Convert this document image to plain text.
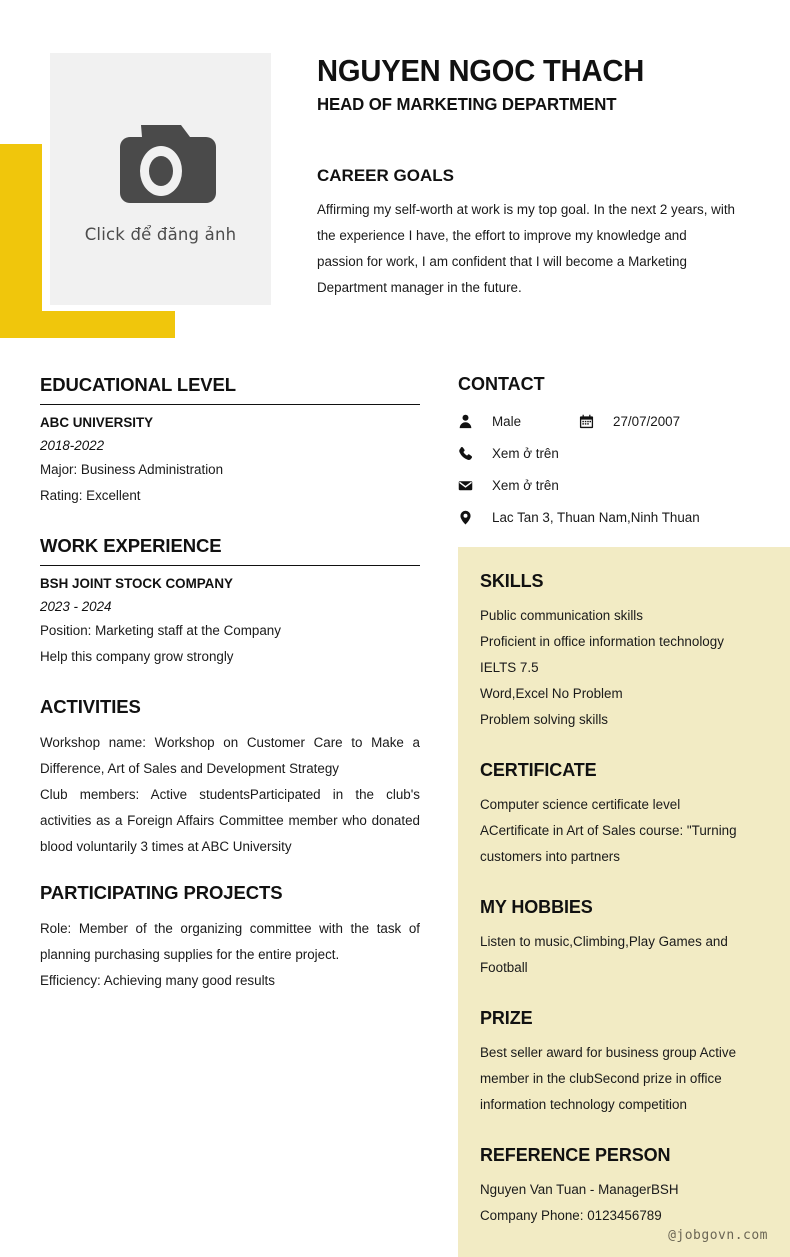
Click để đăng ảnh
NGUYEN NGOC THACH
HEAD OF MARKETING DEPARTMENT
CAREER GOALS

Affirming my self-worth at work is my top goal. In the next 2 years, with the experience I have, the effort to improve my knowledge and passion for work, I am confident that I will become a Marketing Department manager in the future.

EDUCATIONAL LEVEL

ABC UNIVERSITY

2018-2022

Major: Business Administration

Rating: Excellent

WORK EXPERIENCE

BSH JOINT STOCK COMPANY

2023 - 2024

Position: Marketing staff at the Company

Help this company grow strongly

ACTIVITIES

Workshop name: Workshop on Customer Care to Make a Difference, Art of Sales and Development Strategy

Club members: Active studentsParticipated in the club's activities as a Foreign Affairs Committee member who donated blood voluntarily 3 times at ABC University

PARTICIPATING PROJECTS

Role: Member of the organizing committee with the task of planning purchasing supplies for the entire project.

Efficiency: Achieving many good results

CONTACT
Male	27/07/2007
Xem ở trên
Xem ở trên
Lac Tan 3, Thuan Nam,Ninh Thuan
SKILLS

Public communication skills

Proficient in office information technology

IELTS 7.5

Word,Excel No Problem

Problem solving skills

CERTIFICATE

Computer science certificate level

ACertificate in Art of Sales course: "Turning customers into partners

MY HOBBIES

Listen to music,Climbing,Play Games and Football

PRIZE

Best seller award for business group Active member in the clubSecond prize in office information technology competition

REFERENCE PERSON

Nguyen Van Tuan - ManagerBSH

Company Phone: 0123456789

@jobgovn.com
